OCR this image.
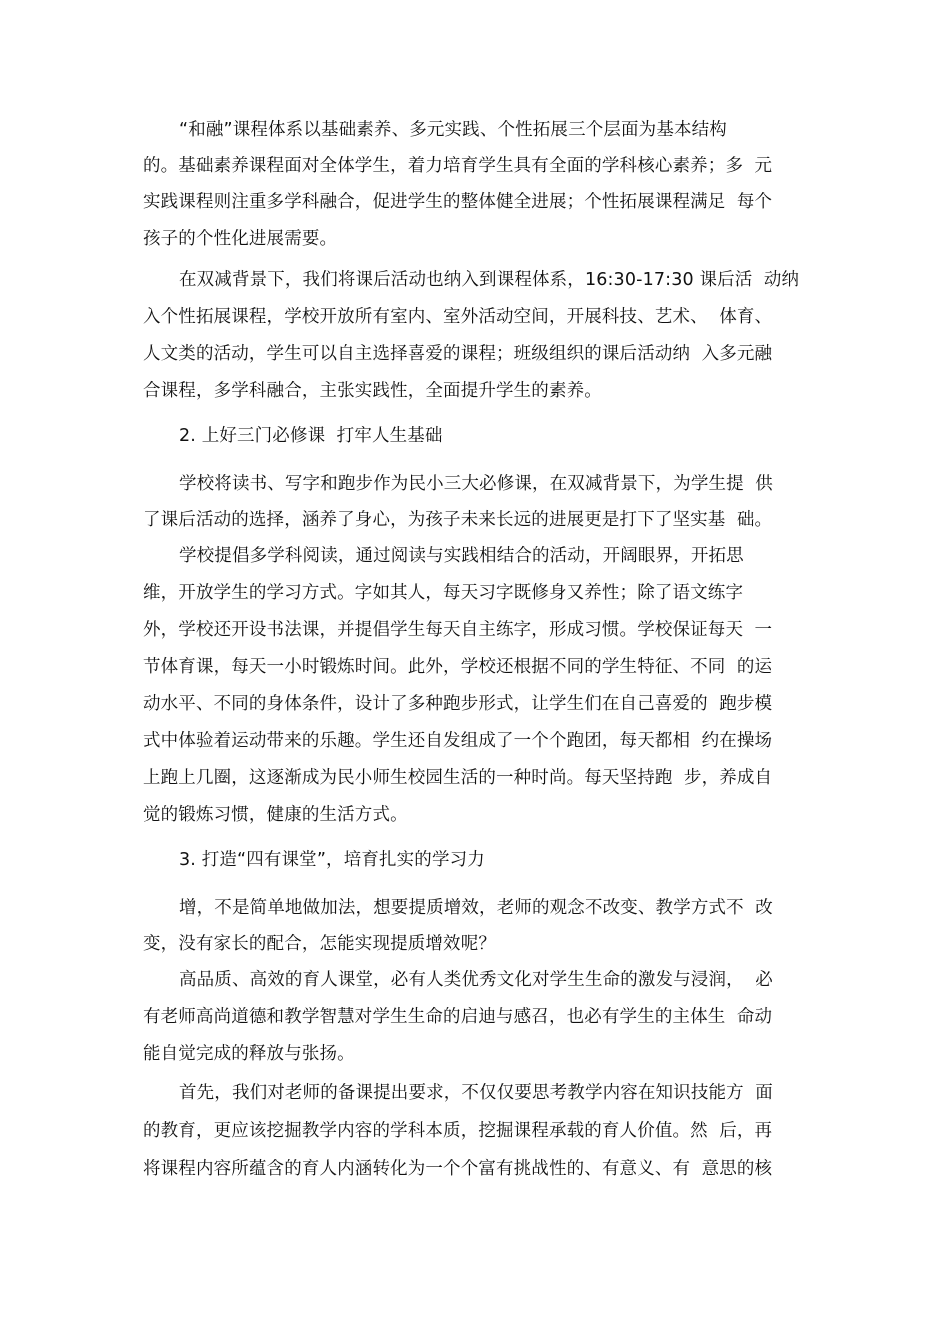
“和融”课程体系以基础素养、多元实践、个性拓展三个层面为基本结构
的。基础素养课程面对全体学生，着力培育学生具有全面的学科核心素养；多  元
实践课程则注重多学科融合，促进学生的整体健全进展；个性拓展课程满足  每个
孩子的个性化进展需要。
在双减背景下，我们将课后活动也纳入到课程体系，16:30-17:30 课后活  动纳
入个性拓展课程，学校开放所有室内、室外活动空间，开展科技、艺术、  体育、
人文类的活动，学生可以自主选择喜爱的课程；班级组织的课后活动纳  入多元融
合课程，多学科融合，主张实践性，全面提升学生的素养。
2. 上好三门必修课  打牢人生基础
学校将读书、写字和跑步作为民小三大必修课，在双减背景下，为学生提  供
了课后活动的选择，涵养了身心，为孩子未来长远的进展更是打下了坚实基  础。
学校提倡多学科阅读，通过阅读与实践相结合的活动，开阔眼界，开拓思
维，开放学生的学习方式。字如其人，每天习字既修身又养性；除了语文练字
外，学校还开设书法课，并提倡学生每天自主练字，形成习惯。学校保证每天  一
节体育课，每天一小时锻炼时间。此外，学校还根据不同的学生特征、不同  的运
动水平、不同的身体条件，设计了多种跑步形式，让学生们在自己喜爱的  跑步模
式中体验着运动带来的乐趣。学生还自发组成了一个个跑团，每天都相  约在操场
上跑上几圈，这逐渐成为民小师生校园生活的一种时尚。每天坚持跑  步，养成自
觉的锻炼习惯，健康的生活方式。
3. 打造“四有课堂”，培育扎实的学习力
增，不是简单地做加法，想要提质增效，老师的观念不改变、教学方式不  改
变，没有家长的配合，怎能实现提质增效呢？
高品质、高效的育人课堂，必有人类优秀文化对学生生命的激发与浸润，  必
有老师高尚道德和教学智慧对学生生命的启迪与感召，也必有学生的主体生  命动
能自觉完成的释放与张扬。
首先，我们对老师的备课提出要求，不仅仅要思考教学内容在知识技能方  面
的教育，更应该挖掘教学内容的学科本质，挖掘课程承载的育人价值。然  后，再
将课程内容所蕴含的育人内涵转化为一个个富有挑战性的、有意义、有  意思的核
